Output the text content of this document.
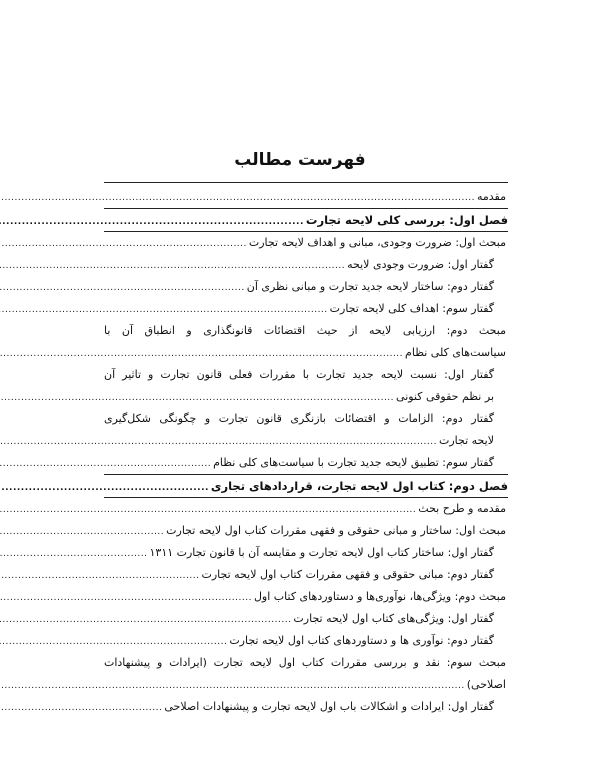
فهرست مطالب
مقدمه
.....
فصل اول: بررسی کلی لایحه تجارت
.....
مبحث اول: ضرورت وجودی، مبانی و اهداف لایحه تجارت
.....
گفتار اول: ضرورت وجودی لایحه
.....
گفتار دوم: ساختار لایحه جدید تجارت و مبانی نظری آن
.....
گفتار سوم: اهداف کلی لایحه تجارت
.....
مبحث دوم: ارزیابی لایحه از حیث اقتضائات قانونگذاری و انطباق آن با
سیاست‌های کلی نظام
.....
گفتار اول: نسبت لایحه جدید تجارت با مقررات فعلی قانون تجارت و تاثیر آن
بر نظم حقوقی کنونی
.....
گفتار دوم: الزامات و اقتضائات بازنگری قانون تجارت و چگونگی شکل‌گیری
لایحه تجارت
.....
گفتار سوم: تطبیق لایحه جدید تجارت با سیاست‌های کلی نظام
.....
فصل دوم: کتاب اول لایحه تجارت، قراردادهای تجاری
.....
مقدمه و طرح بحث
.....
مبحث اول: ساختار و مبانی حقوقی و فقهی مقررات کتاب اول لایحه تجارت
.....
گفتار اول: ساختار کتاب اول لایحه تجارت و مقایسه آن با قانون تجارت ۱۳۱۱
.....
گفتار دوم: مبانی حقوقی و فقهی مقررات کتاب اول لایحه تجارت
.....
مبحث دوم: ویژگی‌ها، نوآوری‌ها و دستاوردهای کتاب اول
.....
گفتار اول: ویژگی‌های کتاب اول لایحه تجارت
.....
گفتار دوم: نوآوری ها و دستاوردهای کتاب اول لایحه تجارت
.....
مبحث سوم: نقد و بررسی مقررات کتاب اول لایحه تجارت (ایرادات و پیشنهادات
اصلاحی)
.....
گفتار اول: ایرادات و اشکالات باب اول لایحه تجارت و پیشنهادات اصلاحی
.....
